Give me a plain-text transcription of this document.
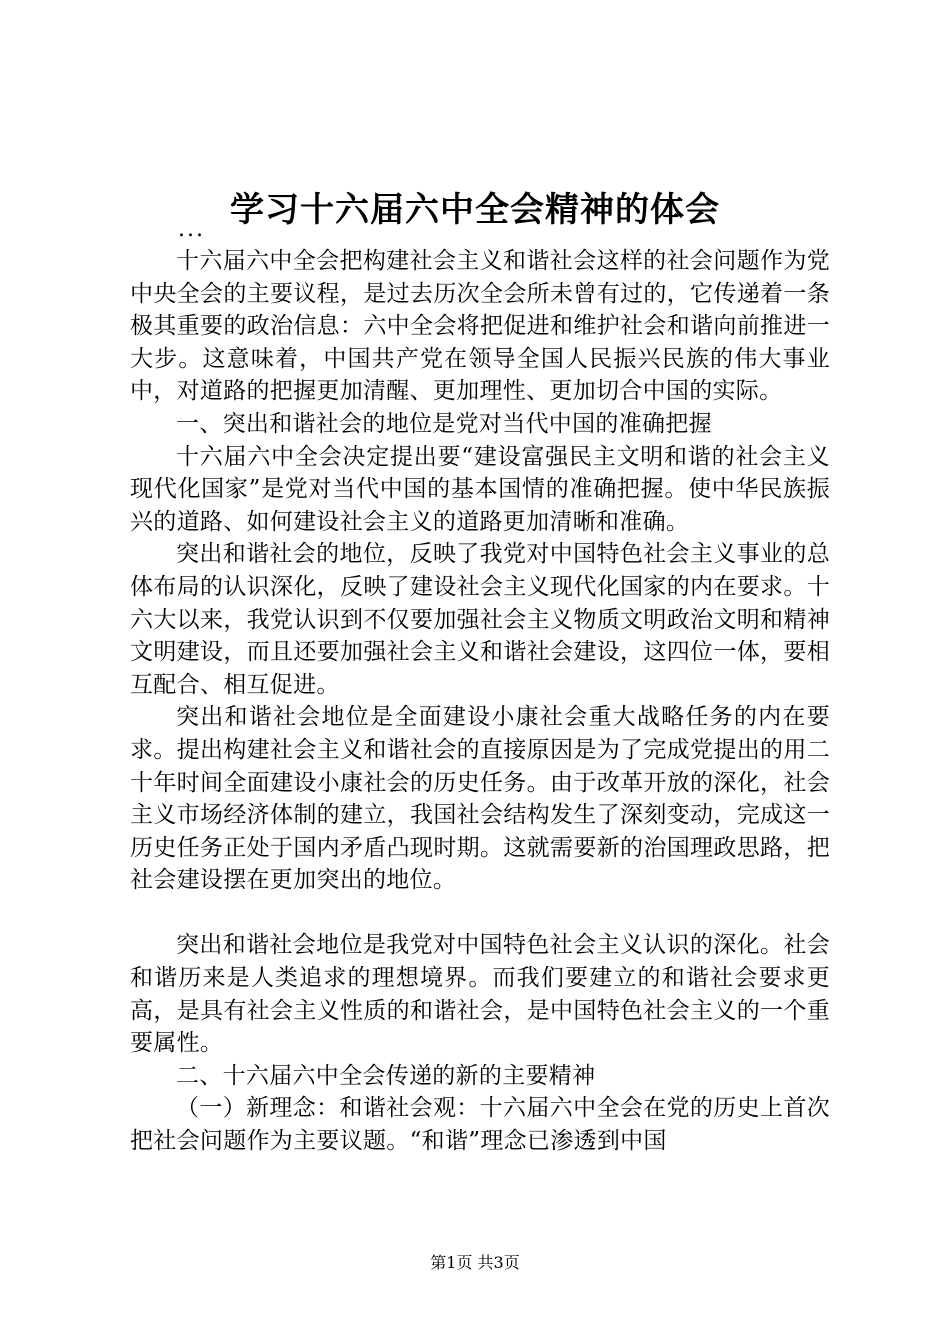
学习十六届六中全会精神的体会
...

十六届六中全会把构建社会主义和谐社会这样的社会问题作为党中央全会的主要议程，是过去历次全会所未曾有过的，它传递着一条极其重要的政治信息：六中全会将把促进和维护社会和谐向前推进一大步。这意味着，中国共产党在领导全国人民振兴民族的伟大事业中，对道路的把握更加清醒、更加理性、更加切合中国的实际。

一、突出和谐社会的地位是党对当代中国的准确把握

十六届六中全会决定提出要“建设富强民主文明和谐的社会主义现代化国家”是党对当代中国的基本国情的准确把握。使中华民族振兴的道路、如何建设社会主义的道路更加清晰和准确。

突出和谐社会的地位，反映了我党对中国特色社会主义事业的总体布局的认识深化，反映了建设社会主义现代化国家的内在要求。十六大以来，我党认识到不仅要加强社会主义物质文明政治文明和精神文明建设，而且还要加强社会主义和谐社会建设，这四位一体，要相互配合、相互促进。

突出和谐社会地位是全面建设小康社会重大战略任务的内在要求。提出构建社会主义和谐社会的直接原因是为了完成党提出的用二十年时间全面建设小康社会的历史任务。由于改革开放的深化，社会主义市场经济体制的建立，我国社会结构发生了深刻变动，完成这一历史任务正处于国内矛盾凸现时期。这就需要新的治国理政思路，把社会建设摆在更加突出的地位。

突出和谐社会地位是我党对中国特色社会主义认识的深化。社会和谐历来是人类追求的理想境界。而我们要建立的和谐社会要求更高，是具有社会主义性质的和谐社会，是中国特色社会主义的一个重要属性。

二、十六届六中全会传递的新的主要精神

（一）新理念：和谐社会观：十六届六中全会在党的历史上首次把社会问题作为主要议题。“和谐”理念已渗透到中国

第1页 共3页
